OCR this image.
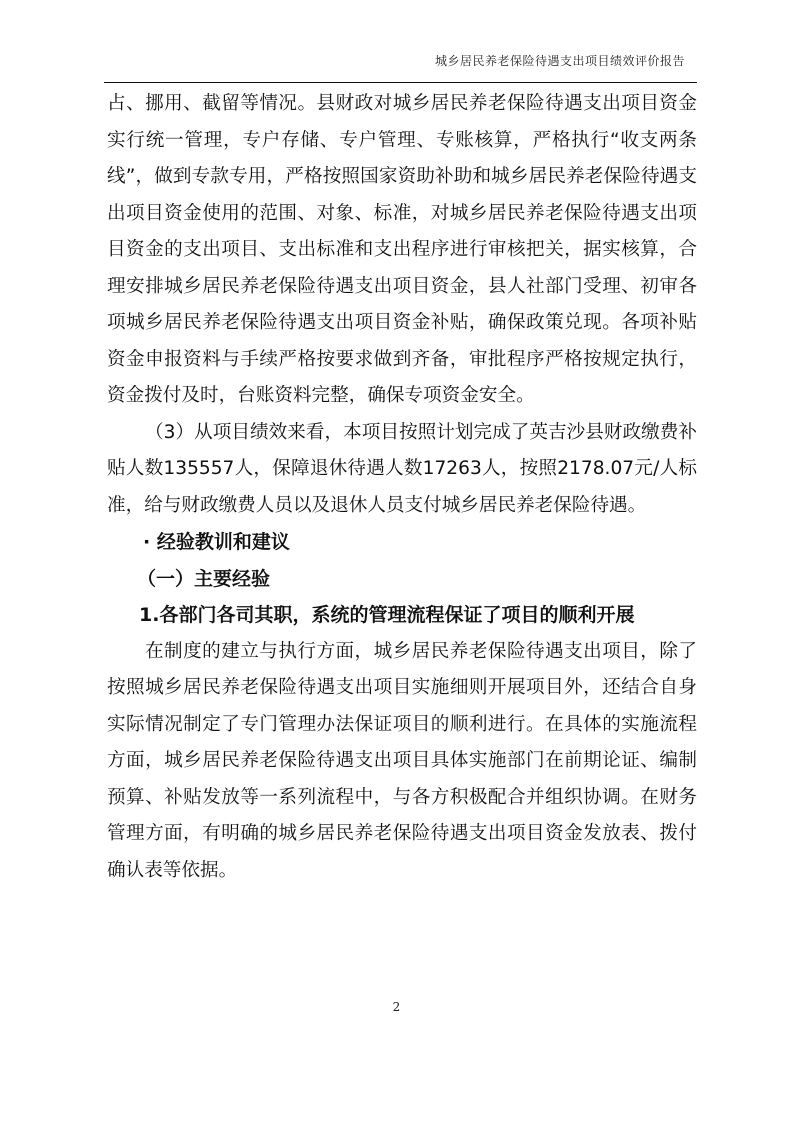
城乡居民养老保险待遇支出项目绩效评价报告

占、挪用、截留等情况。县财政对城乡居民养老保险待遇支出项目资金实行统一管理，专户存储、专户管理、专账核算，严格执行“收支两条线”，做到专款专用，严格按照国家资助补助和城乡居民养老保险待遇支出项目资金使用的范围、对象、标准，对城乡居民养老保险待遇支出项目资金的支出项目、支出标准和支出程序进行审核把关，据实核算，合理安排城乡居民养老保险待遇支出项目资金，县人社部门受理、初审各项城乡居民养老保险待遇支出项目资金补贴，确保政策兑现。各项补贴资金申报资料与手续严格按要求做到齐备，审批程序严格按规定执行，资金拨付及时，台账资料完整，确保专项资金安全。

（3）从项目绩效来看，本项目按照计划完成了英吉沙县财政缴费补贴人数135557人，保障退休待遇人数17263人，按照2178.07元/人标准，给与财政缴费人员以及退休人员支付城乡居民养老保险待遇。

· 经验教训和建议

（一）主要经验

1.各部门各司其职，系统的管理流程保证了项目的顺利开展

在制度的建立与执行方面，城乡居民养老保险待遇支出项目，除了按照城乡居民养老保险待遇支出项目实施细则开展项目外，还结合自身实际情况制定了专门管理办法保证项目的顺利进行。在具体的实施流程方面，城乡居民养老保险待遇支出项目具体实施部门在前期论证、编制预算、补贴发放等一系列流程中，与各方积极配合并组织协调。在财务管理方面，有明确的城乡居民养老保险待遇支出项目资金发放表、拨付确认表等依据。

2
